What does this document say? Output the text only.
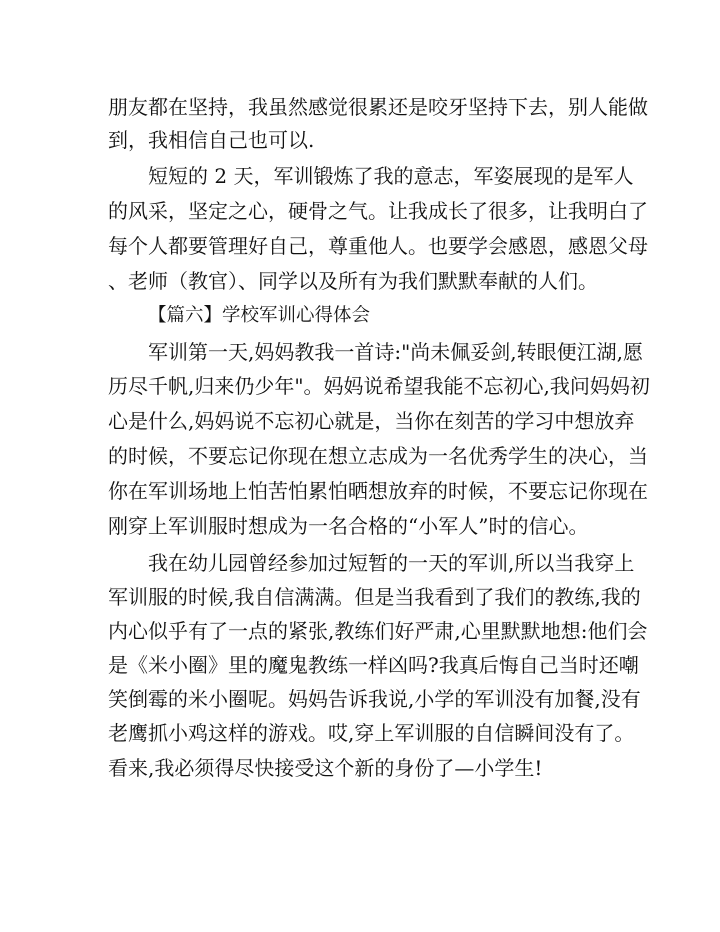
朋友都在坚持，我虽然感觉很累还是咬牙坚持下去，别人能做
到，我相信自己也可以.
短短的 2 天，军训锻炼了我的意志，军姿展现的是军人
的风采，坚定之心，硬骨之气。让我成长了很多，让我明白了
每个人都要管理好自己，尊重他人。也要学会感恩，感恩父母
、老师（教官）、同学以及所有为我们默默奉献的人们。
【篇六】学校军训心得体会
军训第一天,妈妈教我一首诗:"尚未佩妥剑,转眼便江湖,愿
历尽千帆,归来仍少年"。妈妈说希望我能不忘初心,我问妈妈初
心是什么,妈妈说不忘初心就是，当你在刻苦的学习中想放弃
的时候，不要忘记你现在想立志成为一名优秀学生的决心，当
你在军训场地上怕苦怕累怕晒想放弃的时候，不要忘记你现在
刚穿上军训服时想成为一名合格的“小军人”时的信心。
我在幼儿园曾经参加过短暂的一天的军训,所以当我穿上
军训服的时候,我自信满满。但是当我看到了我们的教练,我的
内心似乎有了一点的紧张,教练们好严肃,心里默默地想:他们会
是《米小圈》里的魔鬼教练一样凶吗?我真后悔自己当时还嘲
笑倒霉的米小圈呢。妈妈告诉我说,小学的军训没有加餐,没有
老鹰抓小鸡这样的游戏。哎,穿上军训服的自信瞬间没有了。
看来,我必须得尽快接受这个新的身份了—小学生!
